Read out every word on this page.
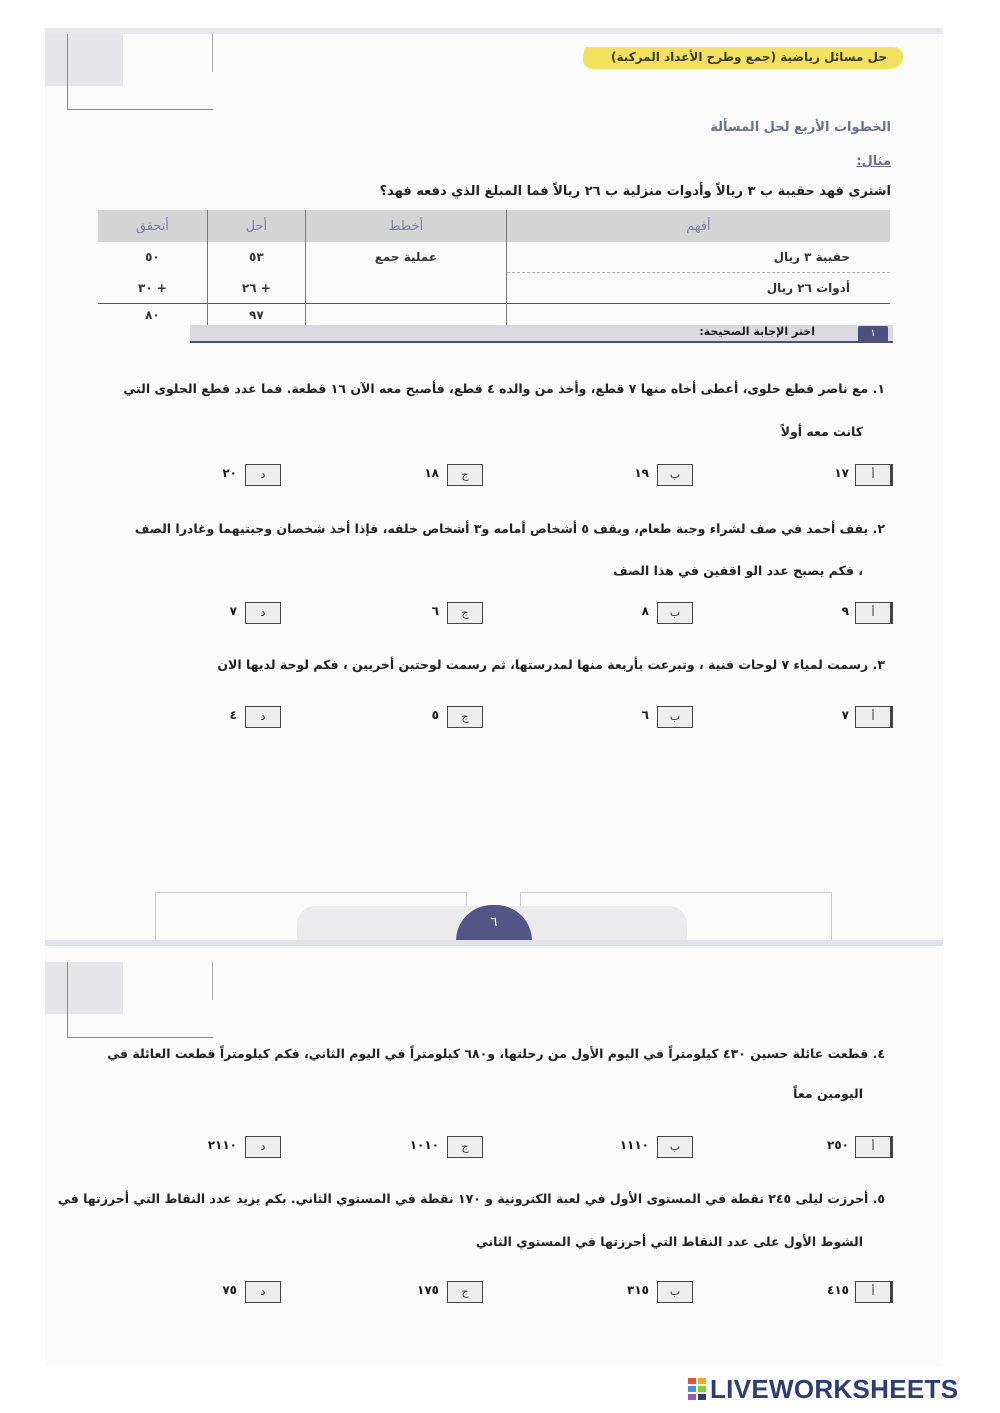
حل مسائل رياضية (جمع وطرح الأعداد المركبة)
الخطوات الأربع لحل المسألة
مثال:
اشترى فهد حقيبة ب ٣ ريالاً وأدوات منزلية ب ٢٦ ريالاً فما المبلغ الذي دفعه فهد؟
أفهم	أخطط	أحل	أتحقق
حقيبة ٣ ريال	عملية جمع	٥٣	٥٠
أدوات ٢٦ ريال		+ ٢٦	+ ٣٠
		٩٧	٨٠
١
اختر الإجابة الصحيحة:
١. مع ناصر قطع حلوى، أعطى أخاه منها ٧ قطع، وأخذ من والده ٤ قطع، فأصبح معه الآن ١٦ قطعة. فما عدد قطع الحلوى التي
كانت معه أولاً
أ
١٧
ب
١٩
ج
١٨
د
٢٠
٢. يقف أحمد في صف لشراء وجبة طعام، ويقف ٥ أشخاص أمامه و٣ أشخاص خلفه، فإذا أخذ شخصان وجبتيهما وغادرا الصف
، فكم يصبح عدد الو اقفين في هذا الصف
أ
٩
ب
٨
ج
٦
د
٧
٣. رسمت لمياء ٧ لوحات فنية ، وتبرعت بأربعة منها لمدرستها، ثم رسمت لوحتين أخريين ، فكم لوحة لديها الان
أ
٧
ب
٦
ج
٥
د
٤
٦
٤. قطعت عائلة حسين ٤٣٠ كيلومتراً في اليوم الأول من رحلتها، و٦٨٠ كيلومتراً في اليوم الثاني، فكم كيلومتراً قطعت العائلة في
اليومين معاً
أ
٢٥٠
ب
١١١٠
ج
١٠١٠
د
٢١١٠
٥. أحرزت ليلى ٢٤٥ نقطة في المستوى الأول في لعبة الكترونية و ١٧٠ نقطة في المستوي الثاني. بكم يزيد عدد النقاط التي أحرزتها في
الشوط الأول على عدد النقاط التي أحرزتها في المستوي الثاني
أ
٤١٥
ب
٣١٥
ج
١٧٥
د
٧٥
LIVEWORKSHEETS
